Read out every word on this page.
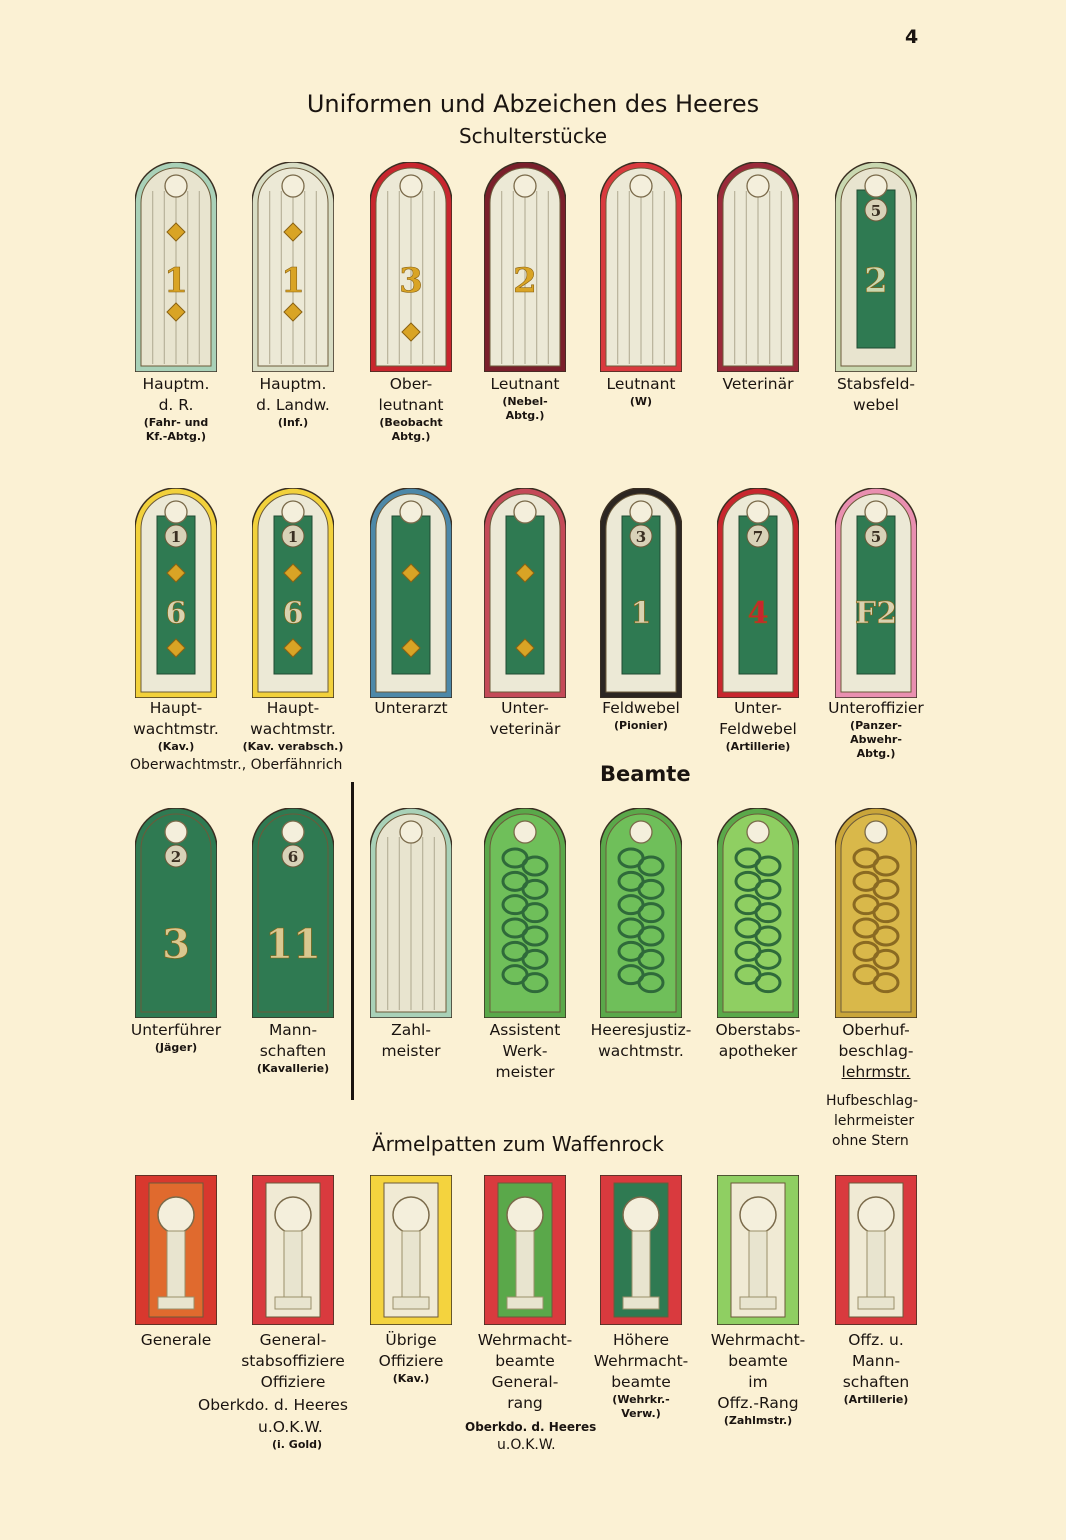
4
Uniformen und Abzeichen des Heeres
Schulterstücke
Beamte
Ärmelpatten zum Waffenrock
1	1	3	2	2
5
6
1
6
1
1
3
4
7
F2
5
3
2
11
6
Oberwachtmstr., Oberfähnrich
Hufbeschlag-
lehrmeister
ohne Stern
Oberkdo. d. Heeres
u.O.K.W.
(i. Gold)
Oberkdo. d. Heeres
u.O.K.W.
Hauptm.
d. R.
(Fahr- und
Kf.-Abtg.)
Hauptm.
d. Landw.
(Inf.)
Ober-
leutnant
(Beobacht
Abtg.)
Leutnant
(Nebel-
Abtg.)
Leutnant
(W)
Veterinär	Stabsfeld-
webel
Haupt-
wachtmstr.
(Kav.)
Haupt-
wachtmstr.
(Kav. verabsch.)
Unterarzt	Unter-
veterinär
Feldwebel
(Pionier)
Unter-
Feldwebel
(Artillerie)
Unteroffizier
(Panzer-
Abwehr-
Abtg.)
Unterführer
(Jäger)
Mann-
schaften
(Kavallerie)
Zahl-
meister
Assistent
Werk-
meister
Heeresjustiz-
wachtmstr.
Oberstabs-
apotheker
Oberhuf-
beschlag-
lehrmstr.
Generale	General-
stabsoffiziere
Offiziere
Übrige
Offiziere
(Kav.)
Wehrmacht-
beamte
General-
rang
Höhere
Wehrmacht-
beamte
(Wehrkr.-
Verw.)
Wehrmacht-
beamte
im
Offz.-Rang
(Zahlmstr.)
Offz. u.
Mann-
schaften
(Artillerie)
